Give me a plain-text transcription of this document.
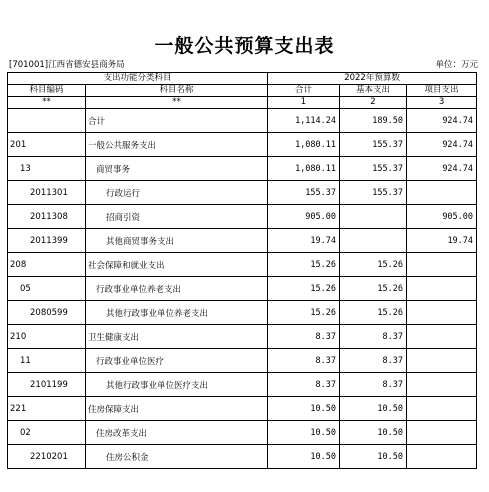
一般公共预算支出表
[701001]江西省德安县商务局	单位：万元
支出功能分类科目		2022年预算数		
科目编码	科目名称	合计	基本支出	项目支出
**	**	1	2	3
	合计	1,114.24	189.50	924.74
201	一般公共服务支出	1,080.11	155.37	924.74
13	商贸事务	1,080.11	155.37	924.74
2011301	行政运行	155.37	155.37	
2011308	招商引资	905.00		905.00
2011399	其他商贸事务支出	19.74		19.74
208	社会保障和就业支出	15.26	15.26	
05	行政事业单位养老支出	15.26	15.26	
2080599	其他行政事业单位养老支出	15.26	15.26	
210	卫生健康支出	8.37	8.37	
11	行政事业单位医疗	8.37	8.37	
2101199	其他行政事业单位医疗支出	8.37	8.37	
221	住房保障支出	10.50	10.50	
02	住房改革支出	10.50	10.50	
2210201	住房公积金	10.50	10.50	
